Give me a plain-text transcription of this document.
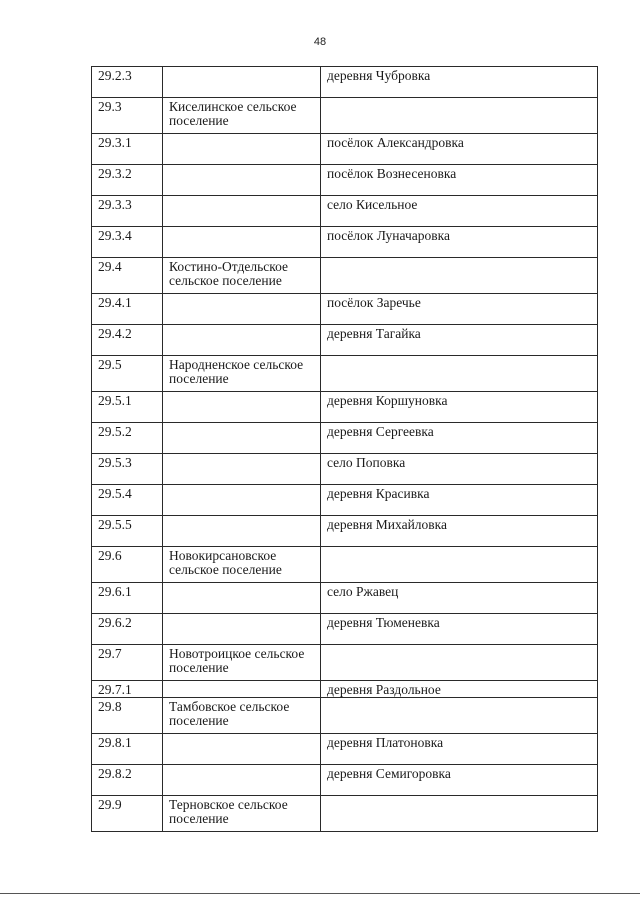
48
29.2.3		деревня Чубровка
29.3	Киселинское сельское поселение	
29.3.1		посёлок Александровка
29.3.2		посёлок Вознесеновка
29.3.3		село Кисельное
29.3.4		посёлок Луначаровка
29.4	Костино-Отдельское сельское поселение	
29.4.1		посёлок Заречье
29.4.2		деревня Тагайка
29.5	Народненское сельское поселение	
29.5.1		деревня Коршуновка
29.5.2		деревня Сергеевка
29.5.3		село Поповка
29.5.4		деревня Красивка
29.5.5		деревня Михайловка
29.6	Новокирсановское сельское поселение	
29.6.1		село Ржавец
29.6.2		деревня Тюменевка
29.7	Новотроицкое сельское поселение	
29.7.1		деревня Раздольное
29.8	Тамбовское сельское поселение	
29.8.1		деревня Платоновка
29.8.2		деревня Семигоровка
29.9	Терновское сельское поселение	
